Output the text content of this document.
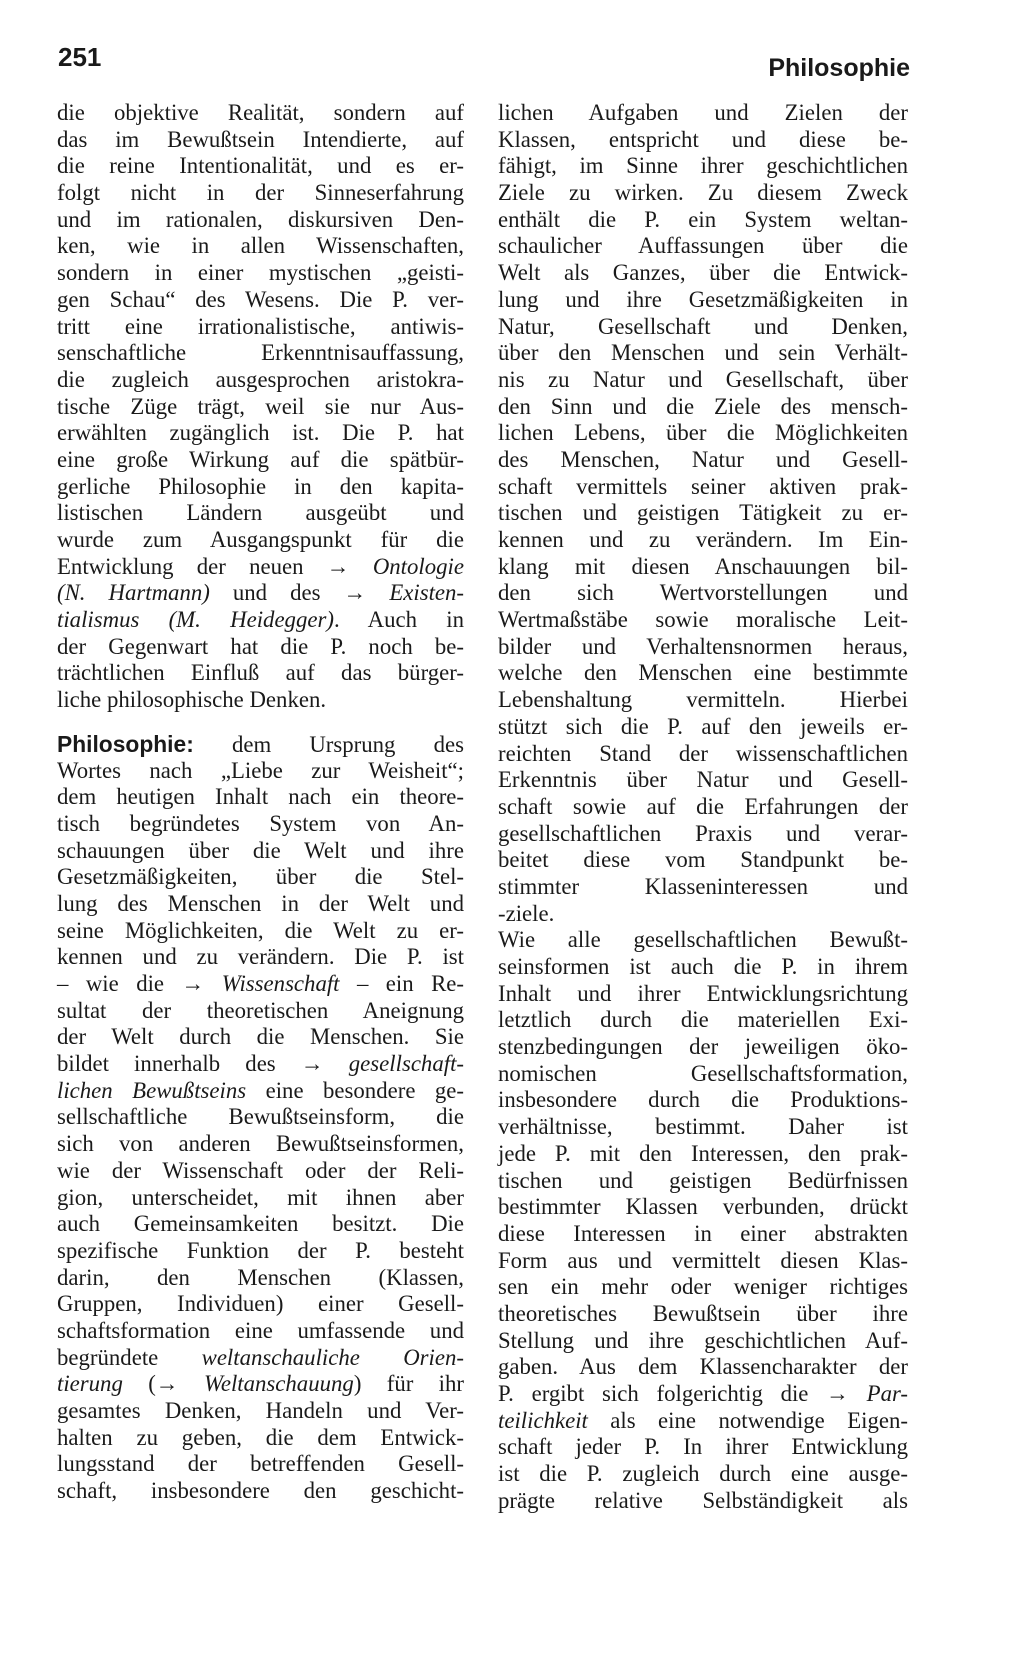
251	Philosophie
die objektive Realität, sondern auf
das im Bewußtsein Intendierte, auf
die reine Intentionalität, und es er-
folgt nicht in der Sinneserfahrung
und im rationalen, diskursiven Den-
ken, wie in allen Wissenschaften,
sondern in einer mystischen „geisti-
gen Schau“ des Wesens. Die P. ver-
tritt eine irrationalistische, antiwis-
senschaftliche Erkenntnisauffassung,
die zugleich ausgesprochen aristokra-
tische Züge trägt, weil sie nur Aus-
erwählten zugänglich ist. Die P. hat
eine große Wirkung auf die spätbür-
gerliche Philosophie in den kapita-
listischen Ländern ausgeübt und
wurde zum Ausgangspunkt für die
Entwicklung der neuen → Ontologie
(N. Hartmann) und des → Existen-
tialismus (M. Heidegger). Auch in
der Gegenwart hat die P. noch be-
trächtlichen Einfluß auf das bürger-
liche philosophische Denken.
Philosophie: dem Ursprung des
Wortes nach „Liebe zur Weisheit“;
dem heutigen Inhalt nach ein theore-
tisch begründetes System von An-
schauungen über die Welt und ihre
Gesetzmäßigkeiten, über die Stel-
lung des Menschen in der Welt und
seine Möglichkeiten, die Welt zu er-
kennen und zu verändern. Die P. ist
– wie die → Wissenschaft – ein Re-
sultat der theoretischen Aneignung
der Welt durch die Menschen. Sie
bildet innerhalb des → gesellschaft-
lichen Bewußtseins eine besondere ge-
sellschaftliche Bewußtseinsform, die
sich von anderen Bewußtseinsformen,
wie der Wissenschaft oder der Reli-
gion, unterscheidet, mit ihnen aber
auch Gemeinsamkeiten besitzt. Die
spezifische Funktion der P. besteht
darin, den Menschen (Klassen,
Gruppen, Individuen) einer Gesell-
schaftsformation eine umfassende und
begründete weltanschauliche Orien-
tierung (→ Weltanschauung) für ihr
gesamtes Denken, Handeln und Ver-
halten zu geben, die dem Entwick-
lungsstand der betreffenden Gesell-
schaft, insbesondere den geschicht-
lichen Aufgaben und Zielen der
Klassen, entspricht und diese be-
fähigt, im Sinne ihrer geschichtlichen
Ziele zu wirken. Zu diesem Zweck
enthält die P. ein System weltan-
schaulicher Auffassungen über die
Welt als Ganzes, über die Entwick-
lung und ihre Gesetzmäßigkeiten in
Natur, Gesellschaft und Denken,
über den Menschen und sein Verhält-
nis zu Natur und Gesellschaft, über
den Sinn und die Ziele des mensch-
lichen Lebens, über die Möglichkeiten
des Menschen, Natur und Gesell-
schaft vermittels seiner aktiven prak-
tischen und geistigen Tätigkeit zu er-
kennen und zu verändern. Im Ein-
klang mit diesen Anschauungen bil-
den sich Wertvorstellungen und
Wertmaßstäbe sowie moralische Leit-
bilder und Verhaltensnormen heraus,
welche den Menschen eine bestimmte
Lebenshaltung vermitteln. Hierbei
stützt sich die P. auf den jeweils er-
reichten Stand der wissenschaftlichen
Erkenntnis über Natur und Gesell-
schaft sowie auf die Erfahrungen der
gesellschaftlichen Praxis und verar-
beitet diese vom Standpunkt be-
stimmter Klasseninteressen und
-ziele.
Wie alle gesellschaftlichen Bewußt-
seinsformen ist auch die P. in ihrem
Inhalt und ihrer Entwicklungsrichtung
letztlich durch die materiellen Exi-
stenzbedingungen der jeweiligen öko-
nomischen Gesellschaftsformation,
insbesondere durch die Produktions-
verhältnisse, bestimmt. Daher ist
jede P. mit den Interessen, den prak-
tischen und geistigen Bedürfnissen
bestimmter Klassen verbunden, drückt
diese Interessen in einer abstrakten
Form aus und vermittelt diesen Klas-
sen ein mehr oder weniger richtiges
theoretisches Bewußtsein über ihre
Stellung und ihre geschichtlichen Auf-
gaben. Aus dem Klassencharakter der
P. ergibt sich folgerichtig die → Par-
teilichkeit als eine notwendige Eigen-
schaft jeder P. In ihrer Entwicklung
ist die P. zugleich durch eine ausge-
prägte relative Selbständigkeit als
